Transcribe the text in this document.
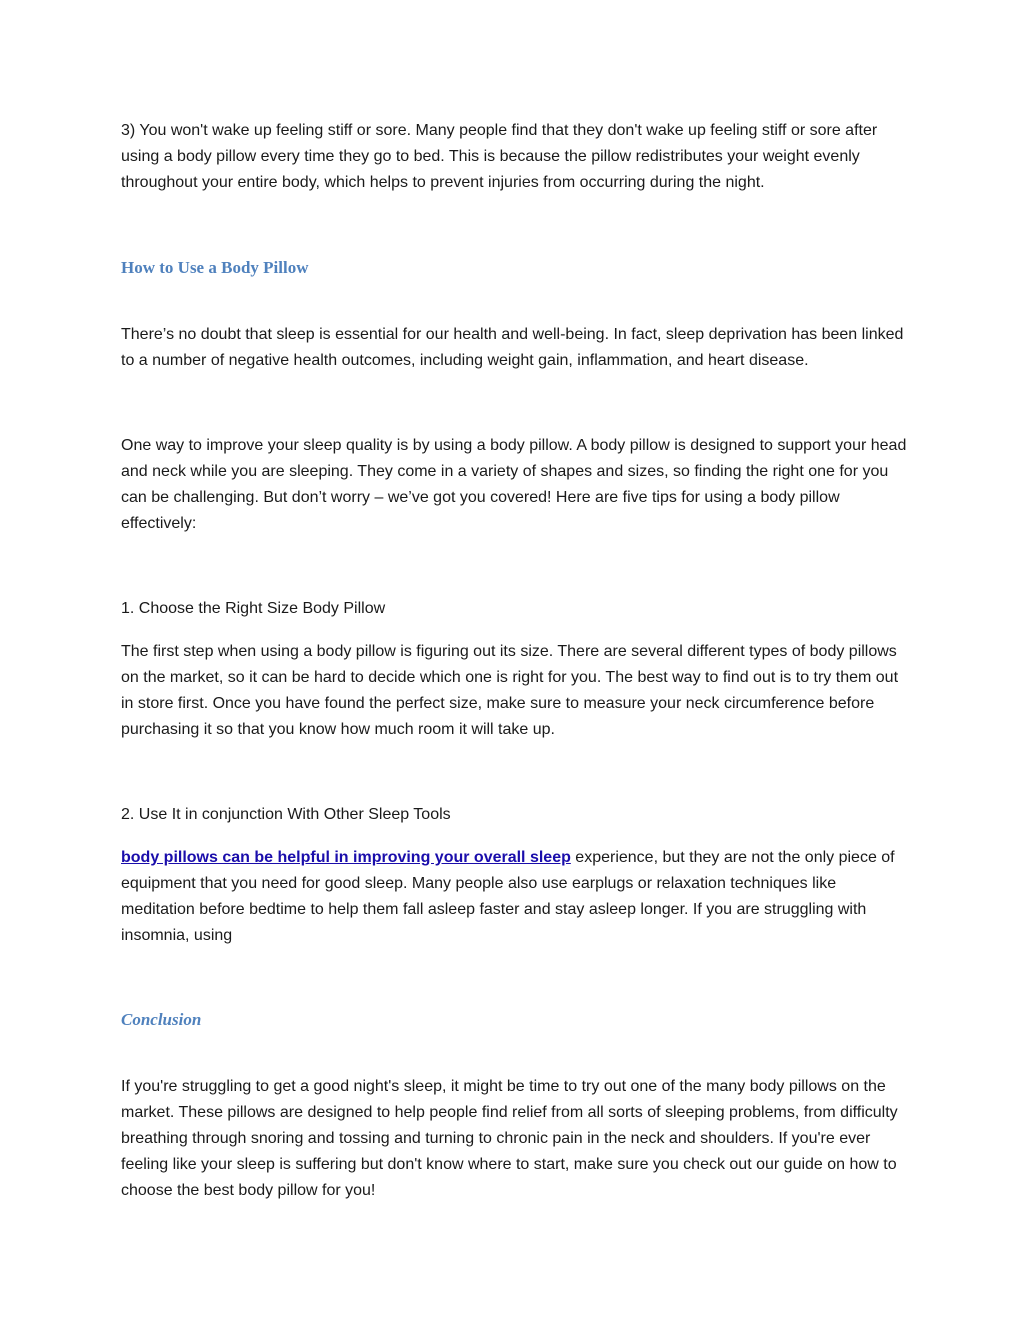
3) You won't wake up feeling stiff or sore. Many people find that they don't wake up feeling stiff or sore after using a body pillow every time they go to bed. This is because the pillow redistributes your weight evenly throughout your entire body, which helps to prevent injuries from occurring during the night.

How to Use a Body Pillow

There’s no doubt that sleep is essential for our health and well-being. In fact, sleep deprivation has been linked to a number of negative health outcomes, including weight gain, inflammation, and heart disease.

One way to improve your sleep quality is by using a body pillow. A body pillow is designed to support your head and neck while you are sleeping. They come in a variety of shapes and sizes, so finding the right one for you can be challenging. But don’t worry – we’ve got you covered! Here are five tips for using a body pillow effectively:

1. Choose the Right Size Body Pillow

The first step when using a body pillow is figuring out its size. There are several different types of body pillows on the market, so it can be hard to decide which one is right for you. The best way to find out is to try them out in store first. Once you have found the perfect size, make sure to measure your neck circumference before purchasing it so that you know how much room it will take up.

2. Use It in conjunction With Other Sleep Tools

body pillows can be helpful in improving your overall sleep experience, but they are not the only piece of equipment that you need for good sleep. Many people also use earplugs or relaxation techniques like meditation before bedtime to help them fall asleep faster and stay asleep longer. If you are struggling with insomnia, using

Conclusion

If you're struggling to get a good night's sleep, it might be time to try out one of the many body pillows on the market. These pillows are designed to help people find relief from all sorts of sleeping problems, from difficulty breathing through snoring and tossing and turning to chronic pain in the neck and shoulders. If you're ever feeling like your sleep is suffering but don't know where to start, make sure you check out our guide on how to choose the best body pillow for you!
